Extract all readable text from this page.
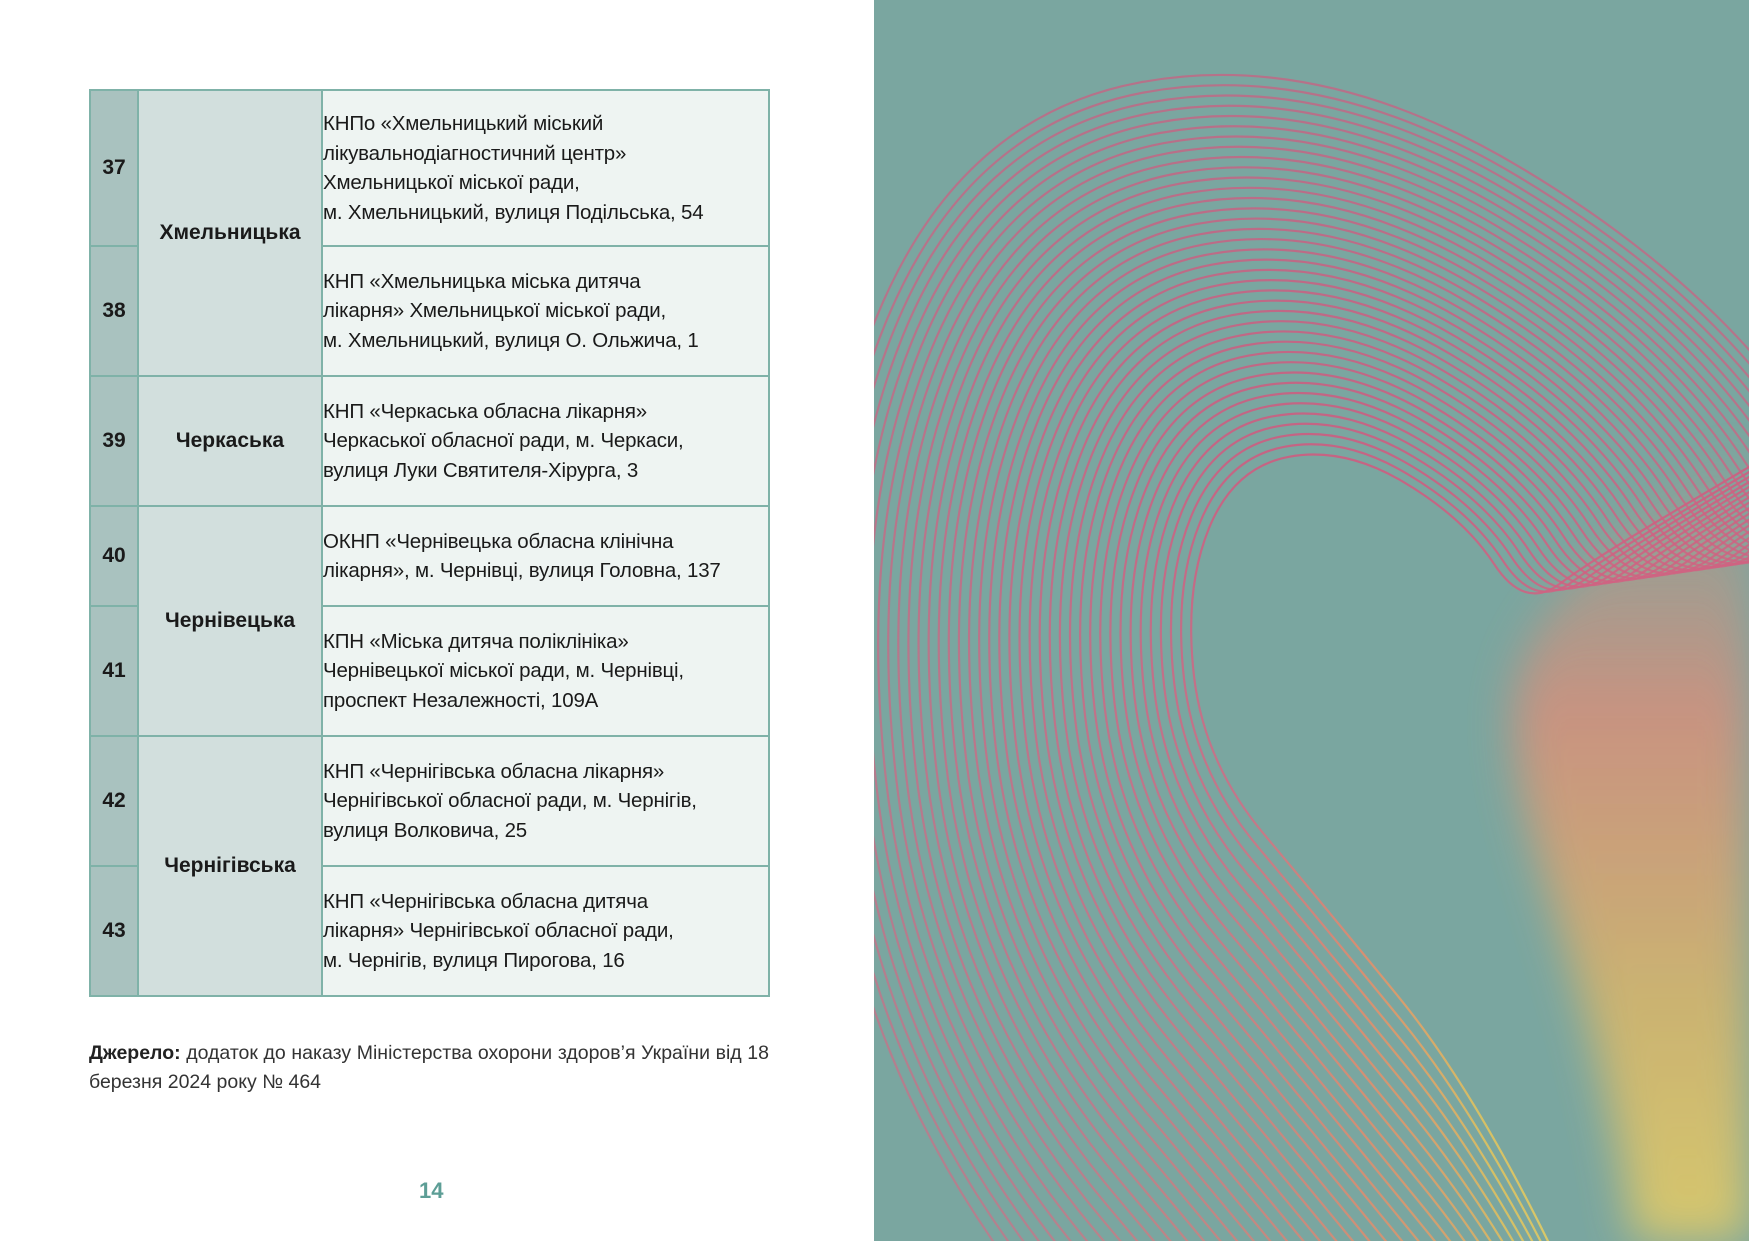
37	Хмельницька	КНПо «Хмельницький міський
лікувальнодіагностичний центр»
Хмельницької міської ради,
м. Хмельницький, вулиця Подільська, 54
38		КНП «Хмельницька міська дитяча
лікарня» Хмельницької міської ради,
м. Хмельницький, вулиця О. Ольжича, 1
39	Черкаська	КНП «Черкаська обласна лікарня»
Черкаської обласної ради, м. Черкаси,
вулиця Луки Святителя-Хірурга, 3
40	Чернівецька	ОКНП «Чернівецька обласна клінічна
лікарня», м. Чернівці, вулиця Головна, 137
41		КПН «Міська дитяча поліклініка»
Чернівецької міської ради, м. Чернівці,
проспект Незалежності, 109А
42	Чернігівська	КНП «Чернігівська обласна лікарня»
Чернігівської обласної ради, м. Чернігів,
вулиця Волковича, 25
43		КНП «Чернігівська обласна дитяча
лікарня» Чернігівської обласної ради,
м. Чернігів, вулиця Пирогова, 16
Джерело: додаток до наказу Міністерства охорони здоров’я України від 18 березня 2024 року № 464
14
